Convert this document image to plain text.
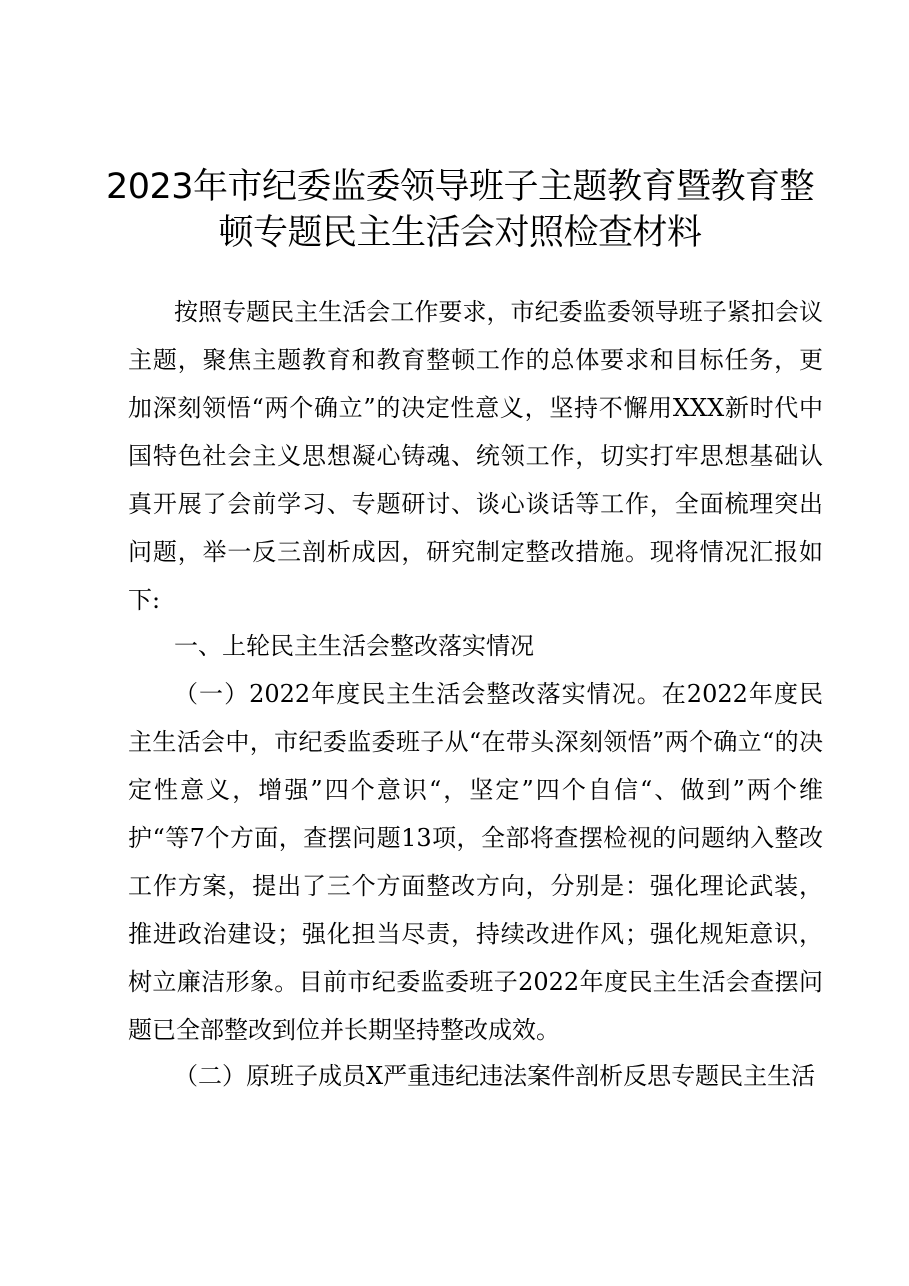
2023年市纪委监委领导班子主题教育暨教育整
顿专题民主生活会对照检查材料

按照专题民主生活会工作要求，市纪委监委领导班子紧扣会议主题，聚焦主题教育和教育整顿工作的总体要求和目标任务，更加深刻领悟“两个确立”的决定性意义，坚持不懈用XXX新时代中国特色社会主义思想凝心铸魂、统领工作，切实打牢思想基础认真开展了会前学习、专题研讨、谈心谈话等工作，全面梳理突出问题，举一反三剖析成因，研究制定整改措施。现将情况汇报如下:

一、上轮民主生活会整改落实情况

（一）2022年度民主生活会整改落实情况。在2022年度民主生活会中，市纪委监委班子从“在带头深刻领悟”两个确立“的决定性意义，增强”四个意识“，坚定”四个自信“、做到”两个维护“等7个方面，查摆问题13项，全部将查摆检视的问题纳入整改工作方案，提出了三个方面整改方向，分别是：强化理论武装，推进政治建设；强化担当尽责，持续改进作风；强化规矩意识，树立廉洁形象。目前市纪委监委班子2022年度民主生活会查摆问题已全部整改到位并长期坚持整改成效。

（二）原班子成员X严重违纪违法案件剖析反思专题民主生活
